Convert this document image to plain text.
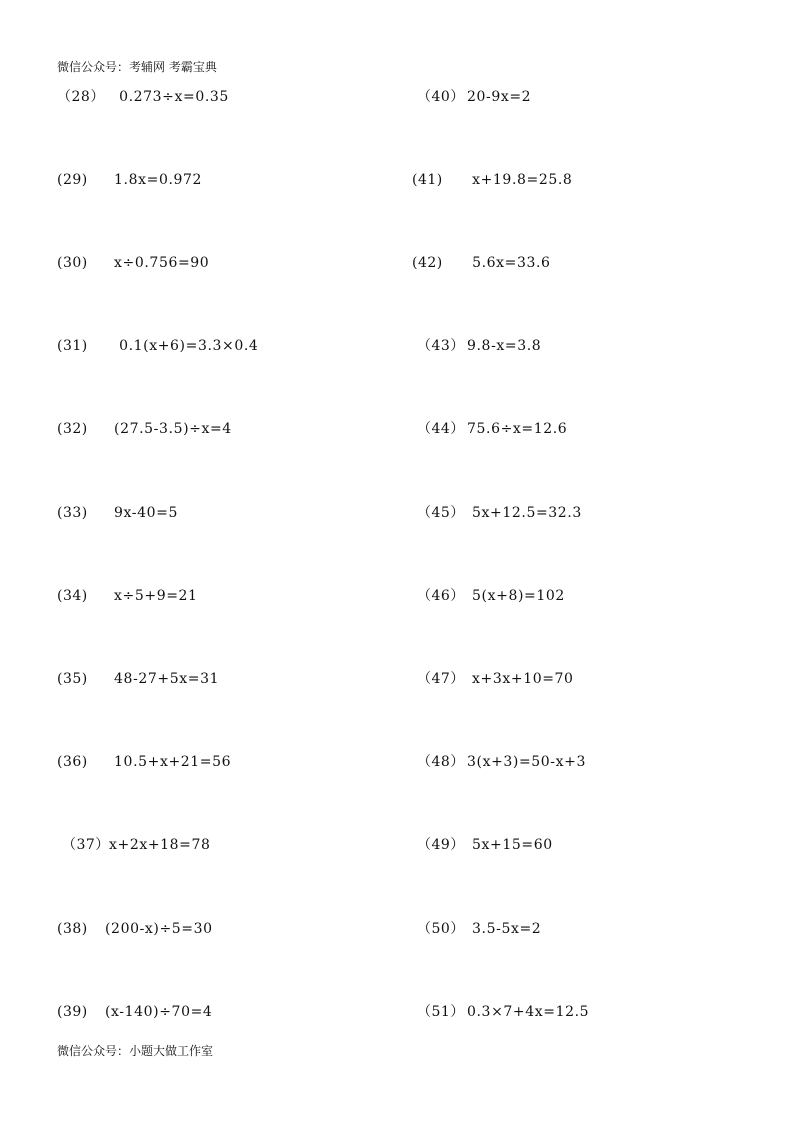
微信公众号：考辅网 考霸宝典
（28）  0.273÷x=0.35
(29) 1.8x=0.972
(30) x÷0.756=90
(31)  0.1(x+6)=3.3×0.4
(32) (27.5-3.5)÷x=4
(33) 9x-40=5
(34) x÷5+9=21
(35) 48-27+5x=31
(36) 10.5+x+21=56
（37）x+2x+18=78
(38) (200-x)÷5=30
(39) (x-140)÷70=4
（40） 20-9x=2
(41)  x+19.8=25.8
(42)  5.6x=33.6
（43） 9.8-x=3.8
（44） 75.6÷x=12.6
（45） 5x+12.5=32.3
（46） 5(x+8)=102
（47） x+3x+10=70
（48） 3(x+3)=50-x+3
（49） 5x+15=60
（50） 3.5-5x=2
（51） 0.3×7+4x=12.5
微信公众号：小题大做工作室
